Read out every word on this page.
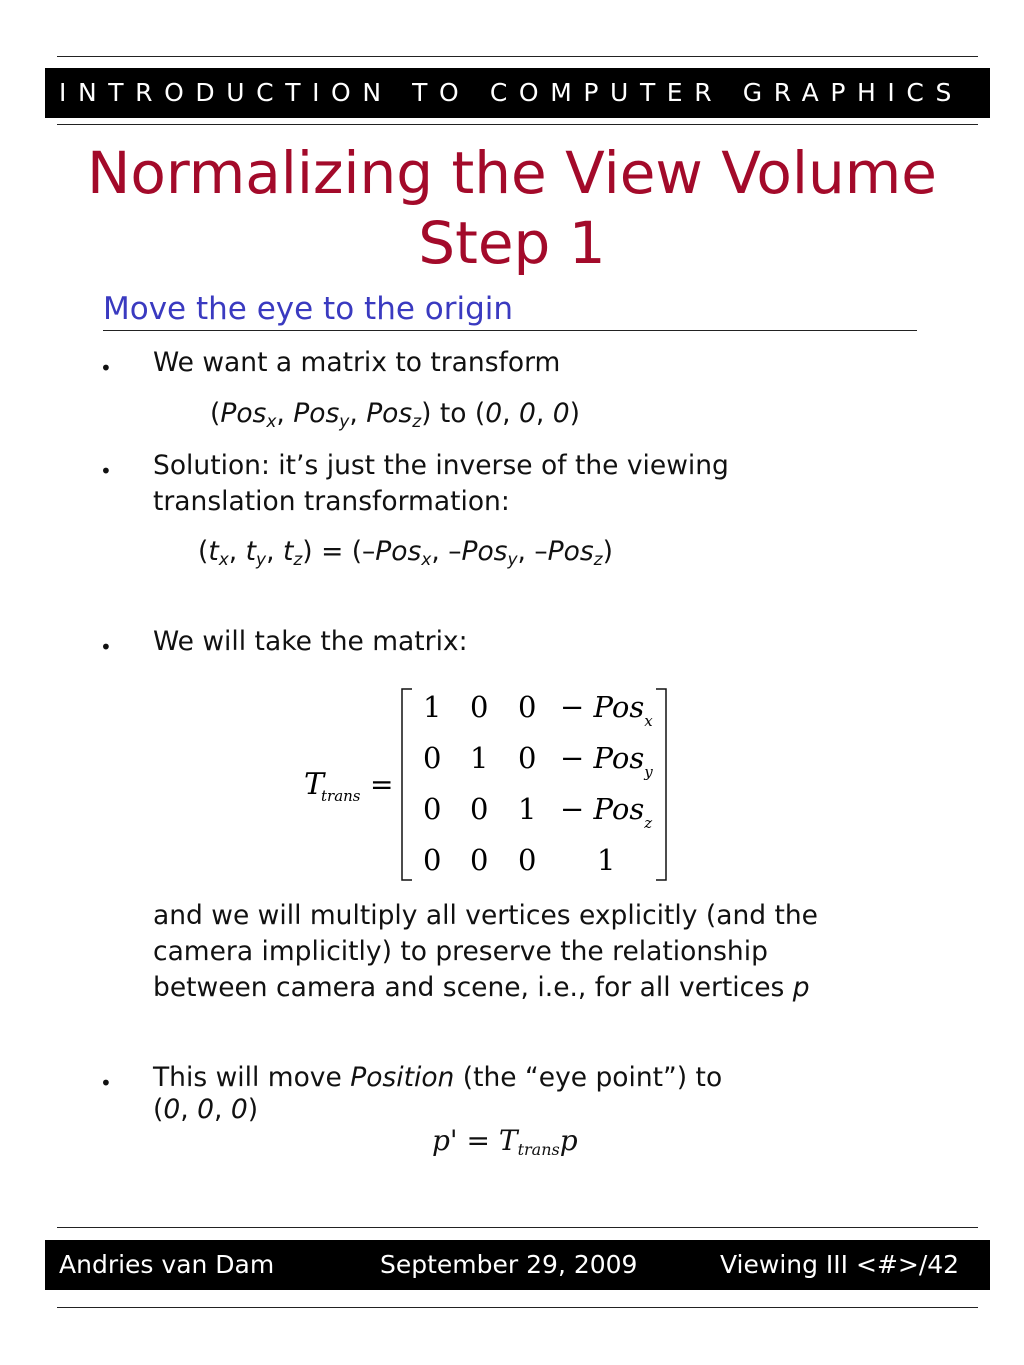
INTRODUCTION TO COMPUTER GRAPHICS
Normalizing the View Volume
Step 1
Move the eye to the origin
• We want a matrix to transform
(Pos$_x$, Pos$_y$, Pos$_z$) to (0, 0, 0)
• Solution: it’s just the inverse of the viewing
translation transformation:
($t_x$, $t_y$, $t_z) = (-Pos_x$, –Pos$_y$, –Pos$_z$)
• We will take the matrix:
T
trans =
1 0 0 − Pos$_x$
0 1 0 − Pos$_y$
0 0 1 − Pos$_z$
0 0 0 1
and we will multiply all vertices explicitly (and the
camera implicitly) to preserve the relationship
between camera and scene, i.e., for all vertices p
• This will move Position (the “eye point”) to
(0, 0, 0)
$p' = T_{trans}p$
Andries van Dam	September 29, 2009	Viewing III <#>/42
